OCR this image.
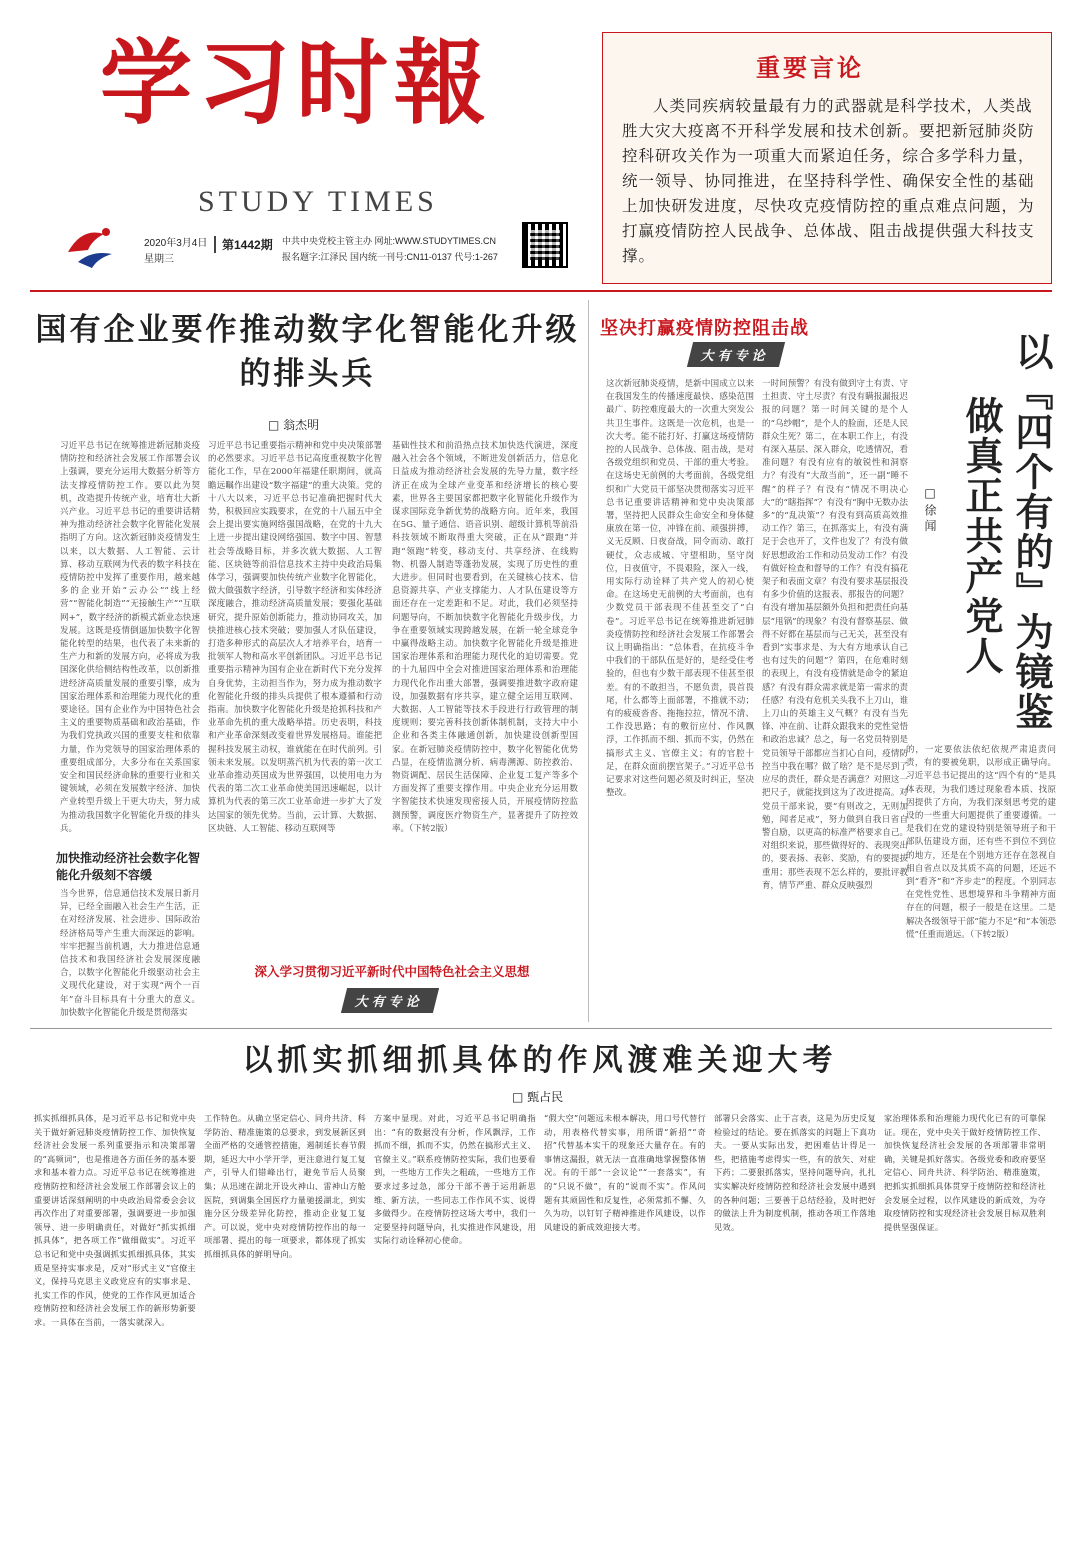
学习时報
STUDY TIMES
2020年3月4日
星期三
第1442期 中共中央党校主管主办 网址:WWW.STUDYTIMES.CN
报名题字:江泽民 国内统一刊号:CN11-0137 代号:1-267
重要言论
人类同疾病较量最有力的武器就是科学技术，人类战胜大灾大疫离不开科学发展和技术创新。要把新冠肺炎防控科研攻关作为一项重大而紧迫任务，综合多学科力量，统一领导、协同推进，在坚持科学性、确保安全性的基础上加快研发进度，尽快攻克疫情防控的重点难点问题，为打赢疫情防控人民战争、总体战、阻击战提供强大科技支撑。
国有企业要作推动数字化智能化升级的排头兵
□ 翁杰明
习近平总书记在统筹推进新冠肺炎疫情防控和经济社会发展工作部署会议上强调，要充分运用大数据分析等方法支撑疫情防控工作。要以此为契机，改造提升传统产业，培育壮大新兴产业。习近平总书记的重要讲话精神为推动经济社会数字化智能化发展指明了方向。这次新冠肺炎疫情发生以来，以大数据、人工智能、云计算、移动互联网为代表的数字科技在疫情防控中发挥了重要作用，越来越多的企业开始“云办公”“线上经营”“智能化制造”“无接触生产”“互联网+”，数字经济的新模式新业态快速发展。这既是疫情倒逼加快数字化智能化转型的结果，也代表了未来新的生产力和新的发展方向，必将成为我国深化供给侧结构性改革，以创新推进经济高质量发展的重要引擎，成为国家治理体系和治理能力现代化的重要途径。国有企业作为中国特色社会主义的重要物质基础和政治基础，作为我们党执政兴国的重要支柱和依靠力量，作为党领导的国家治理体系的重要组成部分，大多分布在关系国家安全和国民经济命脉的重要行业和关键领域，必须在发展数字经济、加快产业转型升级上干更大功夫，努力成为推动我国数字化智能化升级的排头兵。
加快推动经济社会数字化智能化升级刻不容缓
当今世界，信息通信技术发展日新月异，已经全面融入社会生产生活，正在对经济发展、社会进步、国际政治经济格局等产生重大而深远的影响。牢牢把握当前机遇，大力推进信息通信技术和我国经济社会发展深度融合，以数字化智能化升级驱动社会主义现代化建设，对于实现“两个一百年”奋斗目标具有十分重大的意义。加快数字化智能化升级是贯彻落实
习近平总书记重要指示精神和党中央决策部署的必然要求。习近平总书记高度重视数字化智能化工作，早在2000年福建任职期间，就高瞻远瞩作出建设“数字福建”的重大决策。党的十八大以来，习近平总书记准确把握时代大势，积极回应实践要求，在党的十八届五中全会上提出要实施网络强国战略，在党的十九大上进一步提出建设网络强国、数字中国、智慧社会等战略目标，并多次就大数据、人工智能、区块链等前沿信息技术主持中央政治局集体学习，强调要加快传统产业数字化智能化，做大做强数字经济，引导数字经济和实体经济深度融合，推动经济高质量发展；要强化基础研究，提升原始创新能力，推动协同攻关，加快推进核心技术突破；要加强人才队伍建设，打造多种形式的高层次人才培养平台，培育一批领军人物和高水平创新团队。习近平总书记重要指示精神为国有企业在新时代下充分发挥自身优势，主动担当作为，努力成为推动数字化智能化升级的排头兵提供了根本遵循和行动指南。加快数字化智能化升级是抢抓科技和产业革命先机的重大战略举措。历史表明，科技和产业革命深刻改变着世界发展格局。谁能把握科技发展主动权，谁就能在在时代前列。引领未来发展。以发明蒸汽机为代表的第一次工业革命推动英国成为世界强国，以使用电力为代表的第二次工业革命使美国迅速崛起，以计算机为代表的第三次工业革命进一步扩大了发达国家的领先优势。当前，云计算、大数据、区块链、人工智能、移动互联网等
基础性技术和前沿热点技术加快迭代演进，深度融入社会各个领域，不断进发创新活力，信息化日益成为推动经济社会发展的先导力量，数字经济正在成为全球产业变革和经济增长的核心要素，世界各主要国家都把数字化智能化升级作为谋求国际竞争新优势的战略方向。近年来，我国在5G、量子通信、语音识别、超级计算机等前沿科技领域不断取得重大突破，正在从“跟跑”并跑“领跑”转变，移动支付、共享经济、在线购物、机器人制造等蓬勃发展，实现了历史性的重大进步。但同时也要看到，在关键核心技术、信息资源共享、产业支撑能力、人才队伍建设等方面还存在一定差距和不足。对此，我们必须坚持问题导向，不断加快数字化智能化升级步伐，力争在重要领域实现跨越发展，在新一轮全球竞争中赢得战略主动。加快数字化智能化升级是推进国家治理体系和治理能力现代化的迫切需要。党的十九届四中全会对推进国家治理体系和治理能力现代化作出重大部署，强调要推进数字政府建设，加强数据有序共享，建立健全运用互联网、大数据、人工智能等技术手段进行行政管理的制度规则；要完善科技创新体制机制，支持大中小企业和各类主体融通创新，加快建设创新型国家。在新冠肺炎疫情防控中，数字化智能化优势凸显，在疫情监测分析、病毒溯源、防控救治、物资调配、居民生活保障、企业复工复产等多个方面发挥了重要支撑作用。中央企业充分运用数字智能技术快速发现密接人员，开展疫情防控监测预警，调度医疗物资生产，显著提升了防控效率。（下转2版）
深入学习贯彻习近平新时代中国特色社会主义思想
大有专论
坚决打赢疫情防控阻击战
大有专论	以『四个有的』为镜鉴
做真正共产党人
□ 徐 闻
这次新冠肺炎疫情，是新中国成立以来在我国发生的传播速度最快、感染范围最广、防控难度最大的一次重大突发公共卫生事件。这既是一次危机，也是一次大考。能不能打好、打赢这场疫情防控的人民战争、总体战、阻击战，是对各级党组织和党员、干部的重大考验。在这场史无前例的大考面前，各级党组织和广大党员干部坚决贯彻落实习近平总书记重要讲话精神和党中央决策部署，坚持把人民群众生命安全和身体健康放在第一位，冲锋在前、顽强拼搏，义无反顾、日夜奋战，同令而动、敢打硬仗，众志成城、守望相助，坚守岗位，日夜值守，不畏艰险，深入一线，用实际行动诠释了共产党人的初心使命。在这场史无前例的大考面前，也有少数党员干部表现不佳甚至交了“白卷”。习近平总书记在统筹推进新冠肺炎疫情防控和经济社会发展工作部署会议上明确指出：“总体看，在抗疫斗争中我们的干部队伍是好的，是经受住考验的，但也有少数干部表现不佳甚至很差。有的不敢担当，不愿负责，畏首畏尾，什么都等上面部署，不推就不动；有的疲疲沓沓、拖拖拉拉，情况不清、工作没思路；有的敷衍应付、作风飘浮，工作抓而不细、抓而不实，仍然在搞形式主义、官僚主义；有的官腔十足，在群众面前摆官架子。”习近平总书记要求对这些问题必须及时纠正，坚决整改。
一时间预警？有没有做到守土有责、守土担责、守土尽责？有没有瞒报漏报迟报的问题？第一时间关键的是个人的“乌纱帽”，是个人的脸面，还是人民群众生死？第二，在本职工作上，有没有深入基层、深入群众，吃透情况，看准问题？有没有应有的敏锐性和洞察力？有没有“大敌当前”，还一副“睡不醒”的样子？有没有“情况不明决心大”的“瞎指挥”？有没有“胸中无数办法多”的“乱决策”？有没有到高质高效推动工作？第三，在抓落实上，有没有满足于会也开了，文件也发了？有没有做好思想政治工作和动员发动工作？有没有做好检查和督导的工作？有没有搞花架子和表面文章？有没有要求基层报没有多少价值的这报表、那报告的问题？有没有增加基层额外负担和把责任向基层“甩锅”的现象？有没有督察基层、做得不好都在基层而与己无关，甚至没有看到“实事求是、为大有方地承认自己也有过失的问题”？第四，在危难时刻的表现上，有没有疫情就是命令的紧迫感？有没有群众需求就是第一需求的责任感？有没有危机关头我不上刀山，谁上刀山的英雄主义气概？有没有当先锋、冲在前、让群众跟我来的党性觉悟和政治忠诚？总之，每一名党员特别是党员领导干部都应当扪心自问，疫情防控当中我在哪？做了啥？是不是尽到了应尽的责任，群众是否满意？对照这一把尺子，就能找到这为了改进提高。对党员干部来说，要“有则改之，无则加勉，闻者足戒”，努力做到自我日省自警自励，以更高的标准严格要求自己。对组织来说，那些做得好的、表现突出的，要表扬、表彰、奖励，有的要提拔重用；那些表现不怎么样的，要批评教育，情节严重、群众反映强烈
的，一定要依法依纪依规严肃追责问责，有的要被免职，以形成正确导向。习近平总书记提出的这“四个有的”是具体表现，为我们透过现象看本质、找原因提供了方向，为我们深刻思考党的建设的一些重大问题提供了重要遵循。一是我们在党的建设特别是领导班子和干部队伍建设方面，还有些不到位不到位的地方，还是在个别地方还存在忽视自相自省点以及其质不高的问题，还远不到“看齐”和“齐步走”的程度。个别同志在党性党性、思想境界和斗争精神方面存在的问题，根子一般是在这里。二是解决各级领导干部“能力不足”和“本领恐慌”任重而道远。（下转2版）
以抓实抓细抓具体的作风渡难关迎大考
□ 甄占民
抓实抓细抓具体，是习近平总书记和党中央关于做好新冠肺炎疫情防控工作、加快恢复经济社会发展一系列重要指示和决策部署的“高频词”，也是推进各方面任务的基本要求和基本着力点。习近平总书记在统筹推进疫情防控和经济社会发展工作部署会议上的重要讲话深刻阐明的中央政治局常委会会议再次作出了对重要部署，强调要进一步加强领导、进一步明确责任，对做好“抓实抓细抓具体”，把各项工作“做细做实”。习近平总书记和党中央强调抓实抓细抓具体，其实质是坚持实事求是，反对“形式主义”官僚主义，保持马克思主义政党应有的实事求是、扎实工作的作风，使党的工作作风更加适合疫情防控和经济社会发展工作的新形势新要求。一具体在当前，一落实就深入。
工作特色。从确立坚定信心、同舟共济、科学防治、精准施策的总要求，到发展新区到全面严格的交通管控措施，遏制延长春节假期，延迟大中小学开学，更注意进行复工复产，引导人们错峰出行，避免节后人员聚集；从迅速在湖北开设火神山、雷神山方舱医院，到调集全国医疗力量驰援湖北，到实施分区分级差异化防控，推动企业复工复产。可以说，党中央对疫情防控作出的每一项部署、提出的每一项要求，都体现了抓实抓细抓具体的鲜明导向。
方案中显现。对此，习近平总书记明确指出：“有的数据没有分析，作风飘浮，工作抓而不细，抓而不实，仍然在搞形式主义、官僚主义。”联系疫情防控实际，我们也要看到，一些地方工作失之粗疏，一些地方工作要求过多过急，部分干部不善于运用新思维、新方法，一些同志工作作风不实、说得多做得少。在疫情防控这场大考中，我们一定要坚持问题导向，扎实推进作风建设，用实际行动诠释初心使命。
“假大空”问题远未根本解决，用口号代替行动，用表格代替实事，用所谓“新招”“奇招”代替基本实干的现象还大量存在。有的事情这漏报，就无法一直准确地掌握整体情况。有的干部“一会议论”“一套落实”，有的“只说不做”，有的“说而不实”。作风问题有其顽固性和反复性，必须常抓不懈、久久为功，以钉钉子精神推进作风建设，以作风建设的新成效迎接大考。
部署只会落实、止于言表，这是为历史反复检验过的结论。要在抓落实的问题上下真功夫。一要从实际出发，把困难估计得足一些，把措施考虑得实一些，有的放矢、对症下药；二要狠抓落实，坚持问题导向，扎扎实实解决好疫情防控和经济社会发展中遇到的各种问题；三要善于总结经验，及时把好的做法上升为制度机制，推动各项工作落地见效。
家治理体系和治理能力现代化已有的可靠保证。现在，党中央关于做好疫情防控工作、加快恢复经济社会发展的各项部署非常明确，关键是抓好落实。各级党委和政府要坚定信心、同舟共济、科学防治、精准施策，把抓实抓细抓具体贯穿于疫情防控和经济社会发展全过程，以作风建设的新成效，为夺取疫情防控和实现经济社会发展目标双胜利提供坚强保证。
